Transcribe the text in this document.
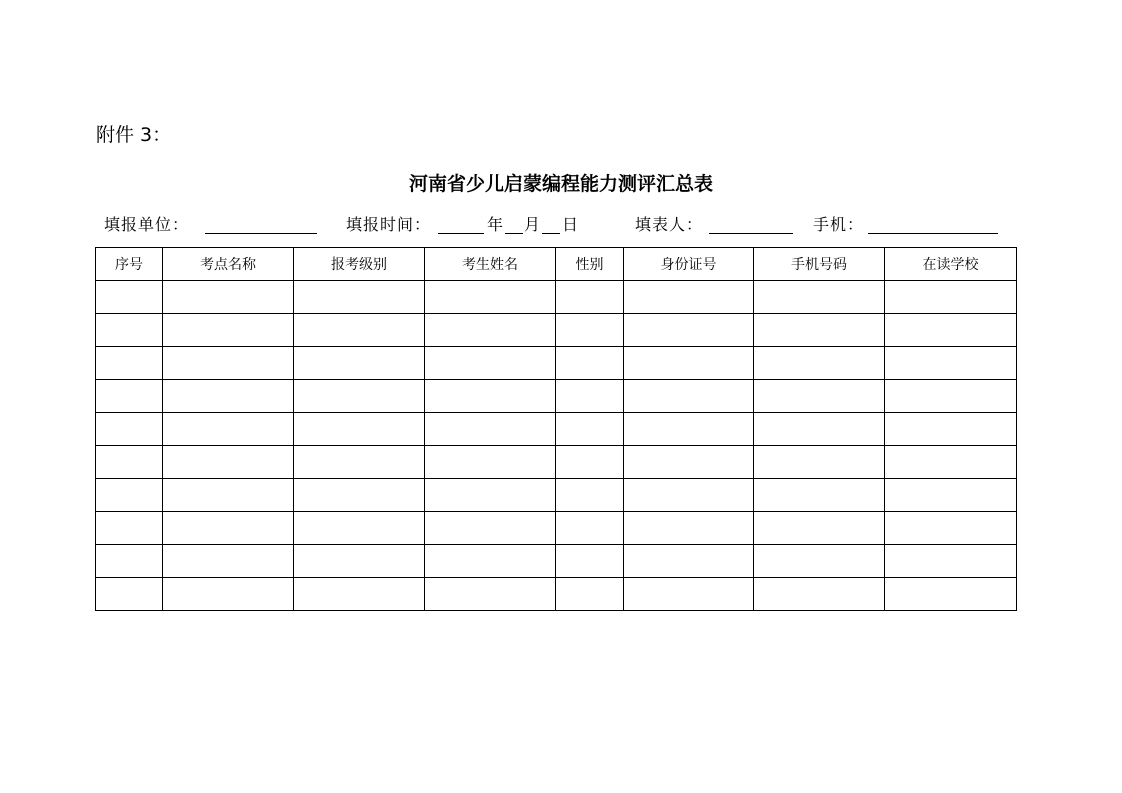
附件 3：
河南省少儿启蒙编程能力测评汇总表
填报单位：	填报时间：	年 月 日	填表人：	手机：
序号	考点名称	报考级别	考生姓名	性别	身份证号	手机号码	在读学校
